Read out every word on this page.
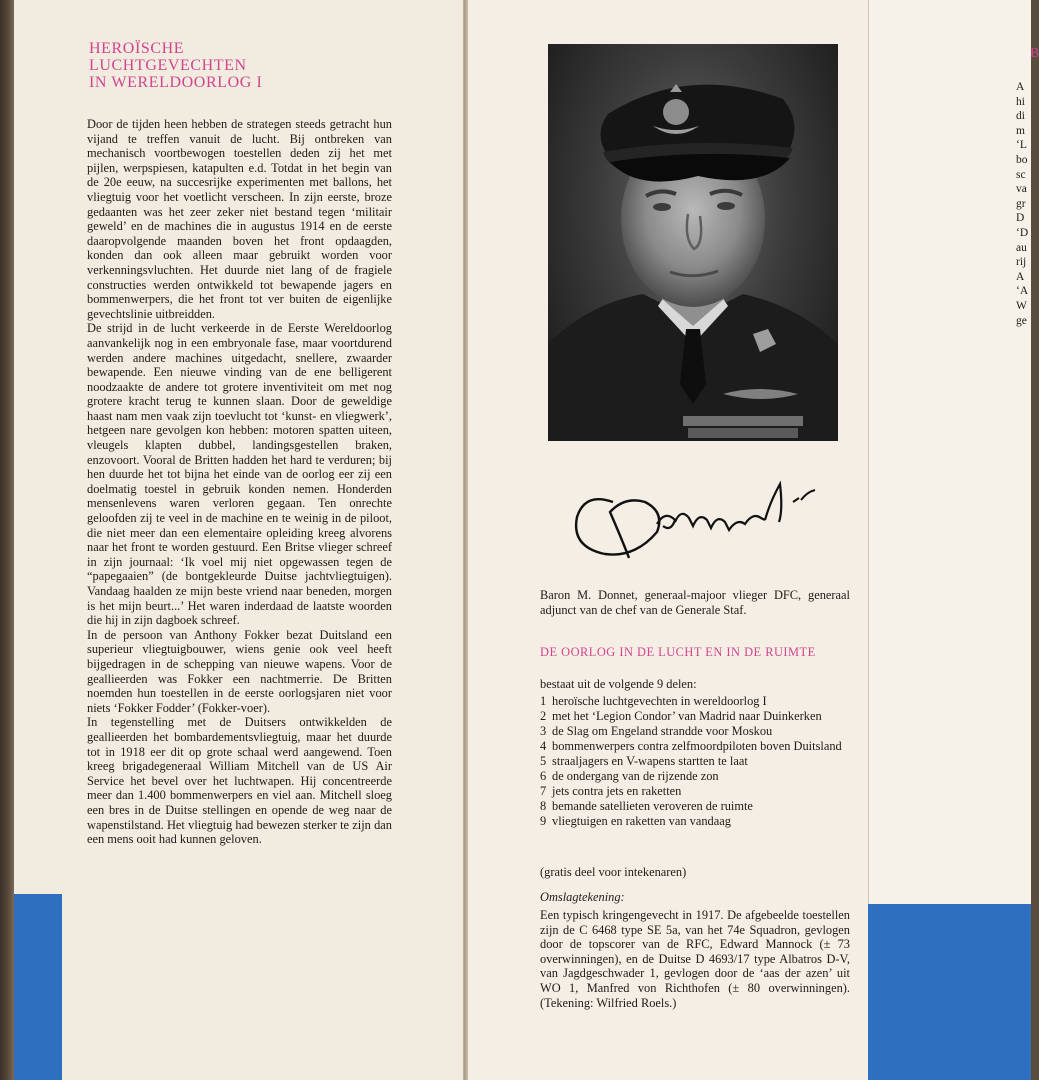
HEROÏSCHE
LUCHTGEVECHTEN
IN WERELDOORLOG I

Door de tijden heen hebben de strategen steeds getracht hun vijand te treffen vanuit de lucht. Bij ontbreken van mechanisch voortbewogen toestellen deden zij het met pijlen, werpspiesen, katapulten e.d. Totdat in het begin van de 20e eeuw, na succesrijke experimenten met ballons, het vliegtuig voor het voetlicht verscheen. In zijn eerste, broze gedaanten was het zeer zeker niet bestand tegen ‘militair geweld’ en de machines die in augustus 1914 en de eerste daaropvolgende maanden boven het front opdaagden, konden dan ook alleen maar gebruikt worden voor verkenningsvluchten. Het duurde niet lang of de fragiele constructies werden ontwikkeld tot bewapende jagers en bommenwerpers, die het front tot ver buiten de eigenlijke gevechtslinie uitbreidden.

De strijd in de lucht verkeerde in de Eerste Wereldoorlog aanvankelijk nog in een embryonale fase, maar voortdurend werden andere machines uitgedacht, snellere, zwaarder bewapende. Een nieuwe vinding van de ene belligerent noodzaakte de andere tot grotere inventiviteit om met nog grotere kracht terug te kunnen slaan. Door de geweldige haast nam men vaak zijn toevlucht tot ‘kunst- en vliegwerk’, hetgeen nare gevolgen kon hebben: motoren spatten uiteen, vleugels klapten dubbel, landingsgestellen braken, enzovoort. Vooral de Britten hadden het hard te verduren; bij hen duurde het tot bijna het einde van de oorlog eer zij een doelmatig toestel in gebruik konden nemen. Honderden mensenlevens waren verloren gegaan. Ten onrechte geloofden zij te veel in de machine en te weinig in de piloot, die niet meer dan een elementaire opleiding kreeg alvorens naar het front te worden gestuurd. Een Britse vlieger schreef in zijn journaal: ‘Ik voel mij niet opgewassen tegen de “papegaaien” (de bontgekleurde Duitse jachtvliegtuigen). Vandaag haalden ze mijn beste vriend naar beneden, morgen is het mijn beurt...’ Het waren inderdaad de laatste woorden die hij in zijn dagboek schreef.

In de persoon van Anthony Fokker bezat Duitsland een superieur vliegtuigbouwer, wiens genie ook veel heeft bijgedragen in de schepping van nieuwe wapens. Voor de geallieerden was Fokker een nachtmerrie. De Britten noemden hun toestellen in de eerste oorlogsjaren niet voor niets ‘Fokker Fodder’ (Fokker-voer).

In tegenstelling met de Duitsers ontwikkelden de geallieerden het bombardementsvliegtuig, maar het duurde tot in 1918 eer dit op grote schaal werd aangewend. Toen kreeg brigadegeneraal William Mitchell van de US Air Service het bevel over het luchtwapen. Hij concentreerde meer dan 1.400 bommenwerpers en viel aan. Mitchell sloeg een bres in de Duitse stellingen en opende de weg naar de wapenstilstand. Het vliegtuig had bewezen sterker te zijn dan een mens ooit had kunnen geloven.

Baron M. Donnet, generaal-majoor vlieger DFC, generaal adjunct van de chef van de Generale Staf.
DE OORLOG IN DE LUCHT EN IN DE RUIMTE
bestaat uit de volgende 9 delen:
1 heroïsche luchtgevechten in wereldoorlog I
2 met het ‘Legion Condor’ van Madrid naar Duinkerken
3 de Slag om Engeland strandde voor Moskou
4 bommenwerpers contra zelfmoordpiloten boven Duitsland
5 straaljagers en V-wapens startten te laat
6 de ondergang van de rijzende zon
7 jets contra jets en raketten
8 bemande satellieten veroveren de ruimte
9 vliegtuigen en raketten van vandaag
(gratis deel voor intekenaren)
Omslagtekening:
Een typisch kringengevecht in 1917. De afgebeelde toestellen zijn de C 6468 type SE 5a, van het 74e Squadron, gevlogen door de topscorer van de RFC, Edward Mannock (± 73 overwinningen), en de Duitse D 4693/17 type Albatros D-V, van Jagdgeschwader 1, gevlogen door de ‘aas der azen’ uit WO 1, Manfred von Richthofen (± 80 overwinningen). (Tekening: Wilfried Roels.)
B
A
hi
di
m
‘L
bo
sc
va
gr
D
‘D
au
rij
A
‘A
W
ge
